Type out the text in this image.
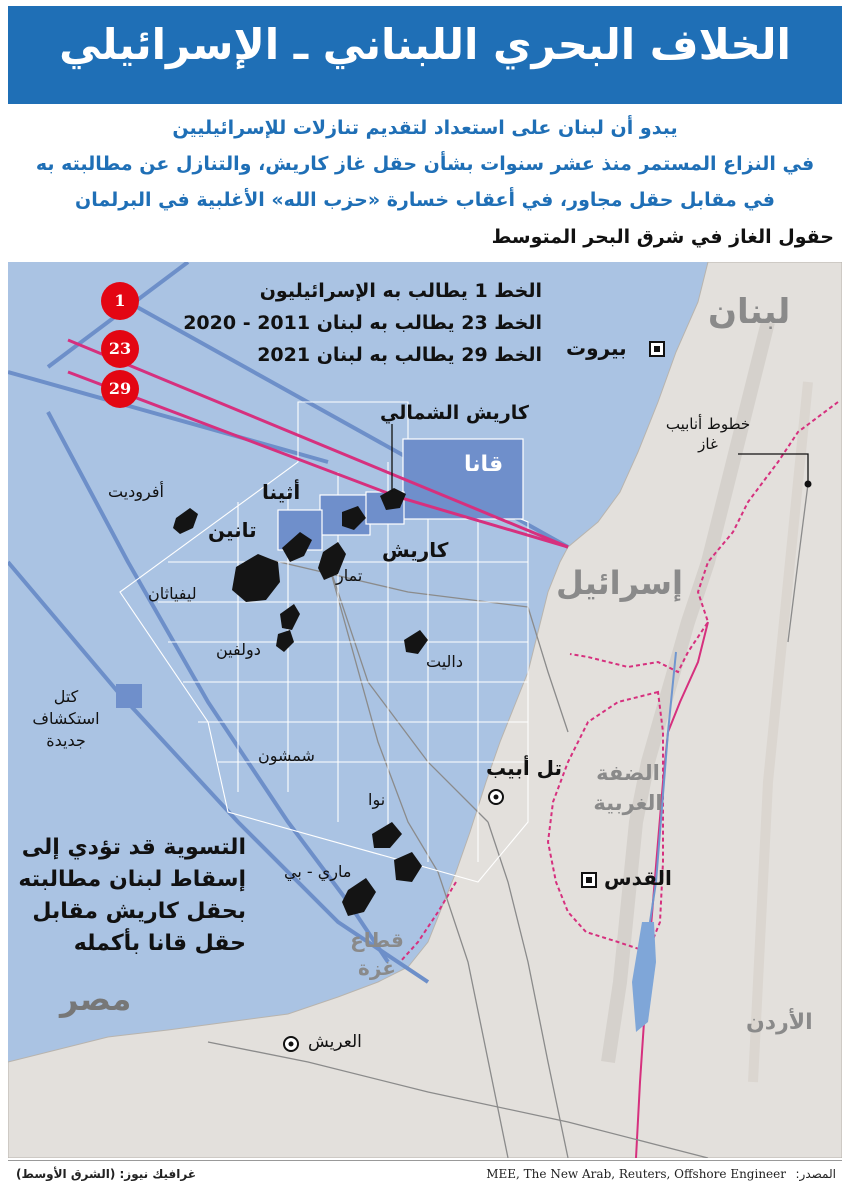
الخلاف البحري اللبناني ـ الإسرائيلي
يبدو أن لبنان على استعداد لتقديم تنازلات للإسرائيليين
في النزاع المستمر منذ عشر سنوات بشأن حقل غاز كاريش، والتنازل عن مطالبته به
في مقابل حقل مجاور، في أعقاب خسارة «حزب الله» الأغلبية في البرلمان
حقول الغاز في شرق البحر المتوسط
1
23
29
الخط 1 يطالب به الإسرائيليون
الخط 23 يطالب به لبنان 2011 - 2020
الخط 29 يطالب به لبنان 2021
كتل استكشاف جديدة
لبنان
إسرائيل
الأردن
مصر
الضفة الغربية
قطاع غزة
بيروت
تل أبيب
القدس
العريش
قانا
كاريش الشمالي
كاريش
أثينا
تانين
أفروديت
ليفياثان
تمار
دولفين
داليت
شمشون
نوا
ماري - بي
خطوط أنابيب غاز
التسوية قد تؤدي إلى
إسقاط لبنان مطالبته
بحقل كاريش مقابل
حقل قانا بأكمله
المصدر:
MEE, The New Arab, Reuters, Offshore Engineer
غرافيك نيوز: (الشرق الأوسط)
